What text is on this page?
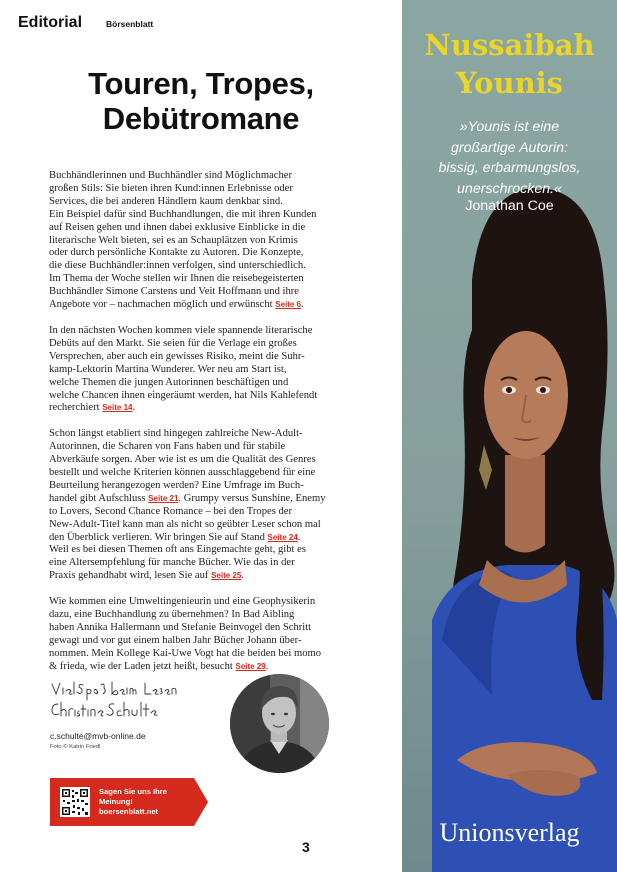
Editorial	Börsenblatt
Touren, Tropes,
Debütromane
Buchhändlerinnen und Buchhändler sind Möglichmacher
großen Stils: Sie bieten ihren Kund:innen Erlebnisse oder
Services, die bei anderen Händlern kaum denkbar sind.
Ein Beispiel dafür sind Buchhandlungen, die mit ihren Kunden
auf Reisen gehen und ihnen dabei exklusive Einblicke in die
literarische Welt bieten, sei es an Schauplätzen von Krimis
oder durch persönliche Kontakte zu Autoren. Die Konzepte,
die diese Buchhändler:innen verfolgen, sind unterschiedlich.
Im Thema der Woche stellen wir Ihnen die reisebegeisterten
Buchhändler Simone Carstens und Veit Hoffmann und ihre
Angebote vor – nachmachen möglich und erwünscht Seite 6.
In den nächsten Wochen kommen viele spannende literarische
Debüts auf den Markt. Sie seien für die Verlage ein großes
Versprechen, aber auch ein gewisses Risiko, meint die Suhr-
kamp-Lektorin Martina Wunderer. Wer neu am Start ist,
welche Themen die jungen Autorinnen beschäftigen und
welche Chancen ihnen eingeräumt werden, hat Nils Kahlefendt
recherchiert Seite 14.
Schon längst etabliert sind hingegen zahlreiche New-Adult-
Autorinnen, die Scharen von Fans haben und für stabile
Abverkäufe sorgen. Aber wie ist es um die Qualität des Genres
bestellt und welche Kriterien können ausschlaggebend für eine
Beurteilung herangezogen werden? Eine Umfrage im Buch-
handel gibt Aufschluss Seite 21. Grumpy versus Sunshine, Enemy
to Lovers, Second Chance Romance – bei den Tropes der
New-Adult-Titel kann man als nicht so geübter Leser schon mal
den Überblick verlieren. Wir bringen Sie auf Stand Seite 24.
Weil es bei diesen Themen oft ans Eingemachte geht, gibt es
eine Altersempfehlung für manche Bücher. Wie das in der
Praxis gehandhabt wird, lesen Sie auf Seite 25.
Wie kommen eine Umweltingenieurin und eine Geophysikerin
dazu, eine Buchhandlung zu übernehmen? In Bad Aibling
haben Annika Hallermann und Stefanie Beinvogel den Schritt
gewagt und vor gut einem halben Jahr Bücher Johann über-
nommen. Mein Kollege Kai-Uwe Vogt hat die beiden bei momo
& frieda, wie der Laden jetzt heißt, besucht Seite 29.
c.schulte@mvb-online.de
Foto © Katrin Friedl
Sagen Sie uns Ihre
Meinung!
boersenblatt.net
3
Nussaibah
Younis
»Younis ist eine
großartige Autorin:
bissig, erbarmungslos,
unerschrocken.«
Jonathan Coe
Unionsverlag
